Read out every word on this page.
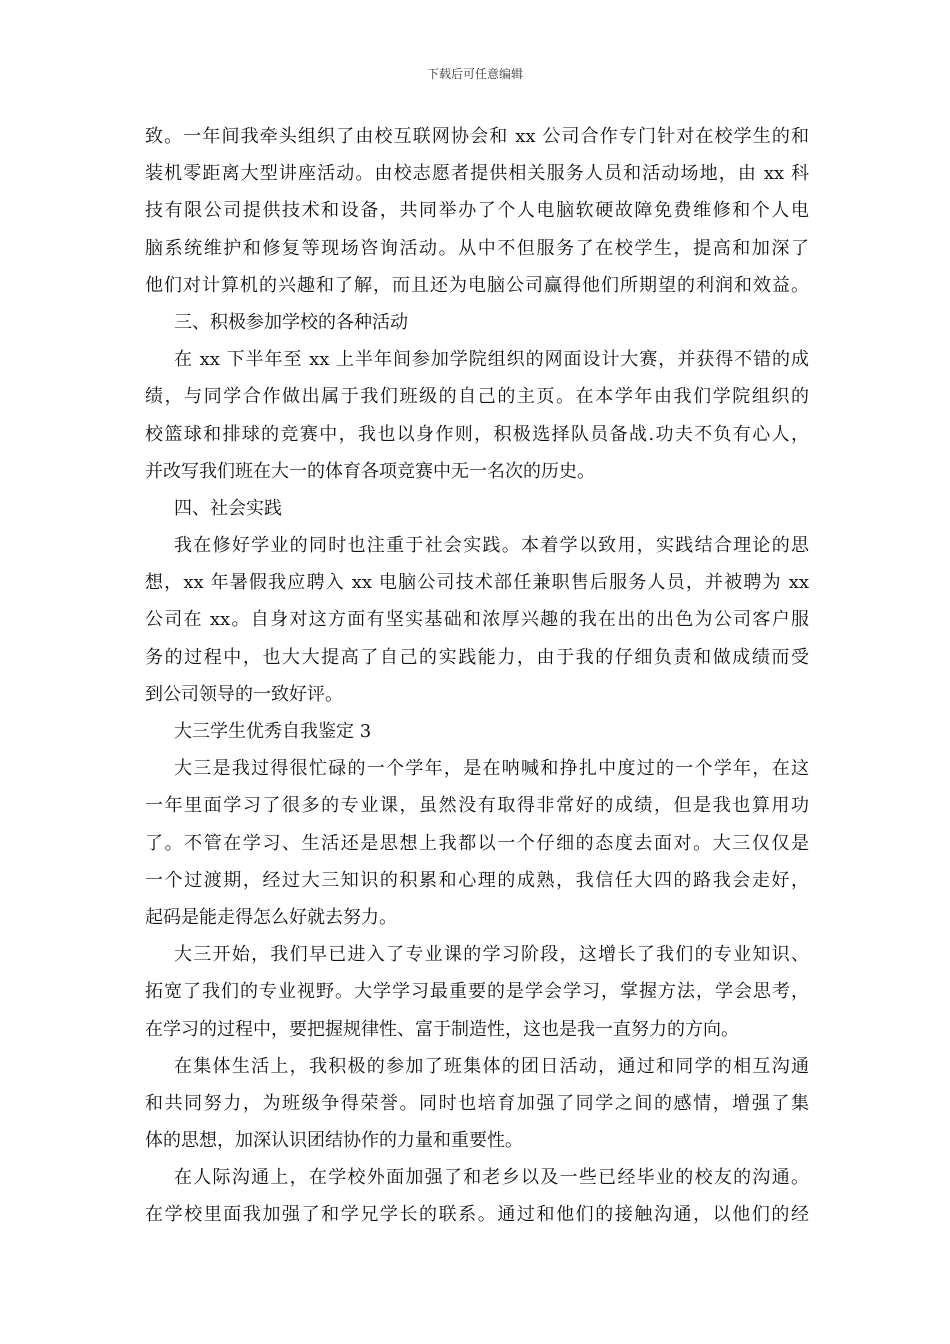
下载后可任意编辑
致。一年间我牵头组织了由校互联网协会和 xx 公司合作专门针对在校学生的和
装机零距离大型讲座活动。由校志愿者提供相关服务人员和活动场地，由 xx 科
技有限公司提供技术和设备，共同举办了个人电脑软硬故障免费维修和个人电
脑系统维护和修复等现场咨询活动。从中不但服务了在校学生，提高和加深了
他们对计算机的兴趣和了解，而且还为电脑公司赢得他们所期望的利润和效益。
三、积极参加学校的各种活动
在 xx 下半年至 xx 上半年间参加学院组织的网面设计大赛，并获得不错的成
绩，与同学合作做出属于我们班级的自己的主页。在本学年由我们学院组织的
校篮球和排球的竞赛中，我也以身作则，积极选择队员备战.功夫不负有心人，
并改写我们班在大一的体育各项竞赛中无一名次的历史。
四、社会实践
我在修好学业的同时也注重于社会实践。本着学以致用，实践结合理论的思
想，xx 年暑假我应聘入 xx 电脑公司技术部任兼职售后服务人员，并被聘为 xx
公司在 xx。自身对这方面有坚实基础和浓厚兴趣的我在出的出色为公司客户服
务的过程中，也大大提高了自己的实践能力，由于我的仔细负责和做成绩而受
到公司领导的一致好评。
大三学生优秀自我鉴定 3
大三是我过得很忙碌的一个学年，是在呐喊和挣扎中度过的一个学年，在这
一年里面学习了很多的专业课，虽然没有取得非常好的成绩，但是我也算用功
了。不管在学习、生活还是思想上我都以一个仔细的态度去面对。大三仅仅是
一个过渡期，经过大三知识的积累和心理的成熟，我信任大四的路我会走好，
起码是能走得怎么好就去努力。
大三开始，我们早已进入了专业课的学习阶段，这增长了我们的专业知识、
拓宽了我们的专业视野。大学学习最重要的是学会学习，掌握方法，学会思考，
在学习的过程中，要把握规律性、富于制造性，这也是我一直努力的方向。
在集体生活上，我积极的参加了班集体的团日活动，通过和同学的相互沟通
和共同努力，为班级争得荣誉。同时也培育加强了同学之间的感情，增强了集
体的思想，加深认识团结协作的力量和重要性。
在人际沟通上，在学校外面加强了和老乡以及一些已经毕业的校友的沟通。
在学校里面我加强了和学兄学长的联系。通过和他们的接触沟通，以他们的经
